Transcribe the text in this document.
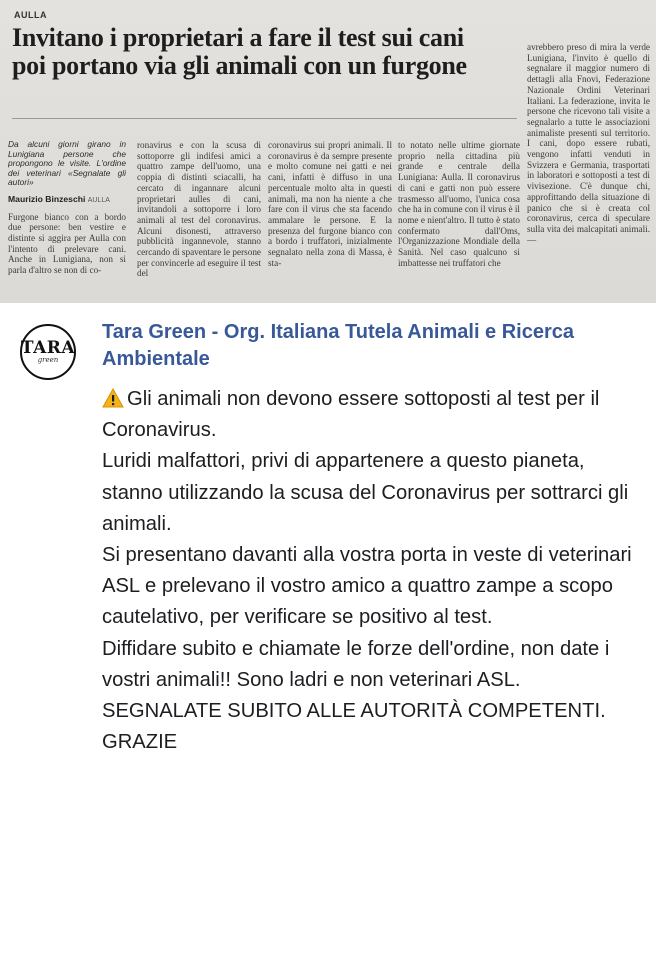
AULLA
Invitano i proprietari a fare il test sui cani
poi portano via gli animali con un furgone
Da alcuni giorni girano in Lunigiana persone che propongono le visite. L'ordine dei veterinari «Segnalate gli autori»
Maurizio Binzeschi AULLA
Furgone bianco con a bordo due persone: ben vestire e distinte si aggira per Aulla con l'intento di prelevare cani. Anche in Lunigiana, non si parla d'altro se non di co-
ronavirus e con la scusa di sottoporre gli indifesi amici a quattro zampe dell'uomo, una coppia di distinti sciacalli, ha cercato di ingannare alcuni proprietari aulles di cani, invitandoli a sottoporre i loro animali al test del coronavirus. Alcuni disonesti, attraverso pubblicità ingannevole, stanno cercando di spaventare le persone per convincerle ad eseguire il test del
coronavirus sui propri animali. Il coronavirus è da sempre presente e molto comune nei gatti e nei cani, infatti è diffuso in una percentuale molto alta in questi animali, ma non ha niente a che fare con il virus che sta facendo ammalare le persone. E la presenza del furgone bianco con a bordo i truffatori, inizialmente segnalato nella zona di Massa, è sta-
to notato nelle ultime giornate proprio nella cittadina più grande e centrale della Lunigiana: Aulla. Il coronavirus di cani e gatti non può essere trasmesso all'uomo, l'unica cosa che ha in comune con il virus è il nome e nient'altro. Il tutto è stato confermato dall'Oms, l'Organizzazione Mondiale della Sanità. Nel caso qualcuno si imbattesse nei truffatori che
avrebbero preso di mira la verde Lunigiana, l'invito è quello di segnalare il maggior numero di dettagli alla Fnovi, Federazione Nazionale Ordini Veterinari Italiani. La federazione, invita le persone che ricevono tali visite a segnalarlo a tutte le associazioni animaliste presenti sul territorio. I cani, dopo essere rubati, vengono infatti venduti in Svizzera e Germania, trasportati in laboratori e sottoposti a test di vivisezione. C'è dunque chi, approfittando della situazione di panico che si è creata col coronavirus, cerca di speculare sulla vita dei malcapitati animali. —
TARA
green
Tara Green - Org. Italiana Tutela Animali e Ricerca Ambientale
Gli animali non devono essere sottoposti al test per il Coronavirus.
Luridi malfattori, privi di appartenere a questo pianeta, stanno utilizzando la scusa del Coronavirus per sottrarci gli animali.
Si presentano davanti alla vostra porta in veste di veterinari ASL e prelevano il vostro amico a quattro zampe a scopo cautelativo, per verificare se positivo al test.
Diffidare subito e chiamate le forze dell'ordine, non date i vostri animali!! Sono ladri e non veterinari ASL.
SEGNALATE SUBITO ALLE AUTORITÀ COMPETENTI.
GRAZIE
